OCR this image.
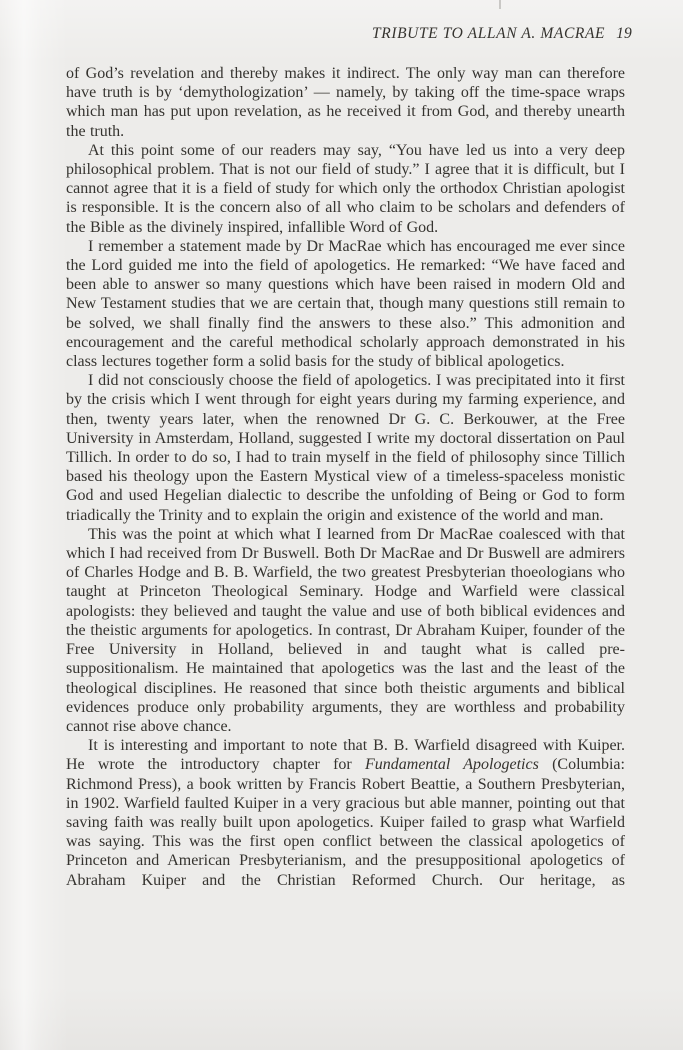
TRIBUTE TO ALLAN A. MACRAE 19

of God’s revelation and thereby makes it indirect. The only way man can therefore have truth is by ‘demythologization’ — namely, by taking off the time-space wraps which man has put upon revelation, as he received it from God, and thereby unearth the truth.

At this point some of our readers may say, “You have led us into a very deep philosophical problem. That is not our field of study.” I agree that it is difficult, but I cannot agree that it is a field of study for which only the orthodox Christian apologist is responsible. It is the concern also of all who claim to be scholars and defenders of the Bible as the divinely inspired, infallible Word of God.

I remember a statement made by Dr MacRae which has encouraged me ever since the Lord guided me into the field of apologetics. He remarked: “We have faced and been able to answer so many questions which have been raised in modern Old and New Testament studies that we are certain that, though many questions still remain to be solved, we shall finally find the answers to these also.” This admonition and encouragement and the careful methodical scholarly approach demonstrated in his class lectures together form a solid basis for the study of biblical apologetics.

I did not consciously choose the field of apologetics. I was precipitated into it first by the crisis which I went through for eight years during my farming experience, and then, twenty years later, when the renowned Dr G. C. Berkouwer, at the Free University in Amsterdam, Holland, suggested I write my doctoral dissertation on Paul Tillich. In order to do so, I had to train myself in the field of philosophy since Tillich based his theology upon the Eastern Mystical view of a timeless-spaceless monistic God and used Hegelian dialectic to describe the unfolding of Being or God to form triadically the Trinity and to explain the origin and existence of the world and man.

This was the point at which what I learned from Dr MacRae coalesced with that which I had received from Dr Buswell. Both Dr MacRae and Dr Buswell are admirers of Charles Hodge and B. B. Warfield, the two greatest Presbyterian thoeologians who taught at Princeton Theological Seminary. Hodge and Warfield were classical apologists: they believed and taught the value and use of both biblical evidences and the theistic arguments for apologetics. In contrast, Dr Abraham Kuiper, founder of the Free University in Holland, believed in and taught what is called pre-suppositionalism. He maintained that apologetics was the last and the least of the theological disciplines. He reasoned that since both theistic arguments and biblical evidences produce only probability arguments, they are worthless and probability cannot rise above chance.

It is interesting and important to note that B. B. Warfield disagreed with Kuiper. He wrote the introductory chapter for Fundamental Apologetics (Columbia: Richmond Press), a book written by Francis Robert Beattie, a Southern Presbyterian, in 1902. Warfield faulted Kuiper in a very gracious but able manner, pointing out that saving faith was really built upon apologetics. Kuiper failed to grasp what Warfield was saying. This was the first open conflict between the classical apologetics of Princeton and American Presbyterianism, and the presuppositional apologetics of Abraham Kuiper and the Christian Reformed Church. Our heritage, as
